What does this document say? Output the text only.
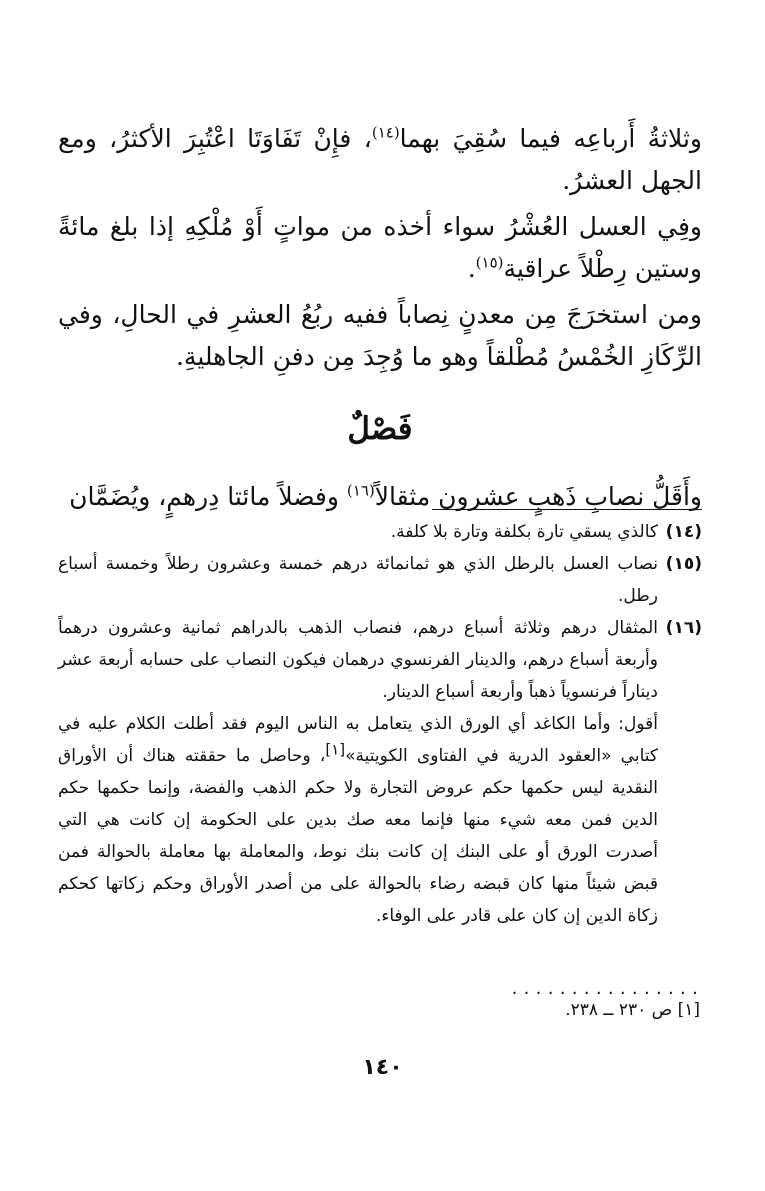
وثلاثةُ أَرباعِه فيما سُقِيَ بهما$^{(١٤)}$، فإِنْ تَفَاوَتَا اعْتُبِرَ الأكثرُ، ومع الجهل العشرُ.

وفِي العسل العُشْرُ سواء أخذه من مواتٍ أَوْ مُلْكِهِ إذا بلغ مائةً وستين رِطْلاً عراقية$^{(١٥)}$.

ومن استخرَجَ مِن معدنٍ نِصاباً ففيه ربُعُ العشرِ في الحالِ، وفي الرِّكَازِ الخُمْسُ مُطْلقاً وهو ما وُجِدَ مِن دفنِ الجاهليةِ.

فَصْلٌ

وأَقَلُّ نصابِ ذَهبٍ عشرون مثقالاً$^{(١٦)}$ وفضلاً مائتا دِرهمٍ، ويُضَمَّان

(١٤)
كالذي يسقي تارة بكلفة وتارة بلا كلفة.
(١٥)
نصاب العسل بالرطل الذي هو ثمانمائة درهم خمسة وعشرون رطلاً وخمسة أسباع رطل.
(١٦)
المثقال درهم وثلاثة أسباع درهم، فنصاب الذهب بالدراهم ثمانية وعشرون درهماً وأربعة أسباع درهم، والدينار الفرنسوي درهمان فيكون النصاب على حسابه أربعة عشر ديناراً فرنسوياً ذهباً وأربعة أسباع الدينار.

أقول: وأما الكاغد أي الورق الذي يتعامل به الناس اليوم فقد أطلت الكلام عليه في كتابي «العقود الدرية في الفتاوى الكويتية»[١]، وحاصل ما حققته هناك أن الأوراق النقدية ليس حكمها حكم عروض التجارة ولا حكم الذهب والفضة، وإنما حكمها حكم الدين فمن معه شيء منها فإنما معه صك بدين على الحكومة إن كانت هي التي أصدرت الورق أو على البنك إن كانت بنك نوط، والمعاملة بها معاملة بالحوالة فمن قبض شيئاً منها كان قبضه رضاء بالحوالة على من أصدر الأوراق وحكم زكاتها كحكم زكاة الدين إن كان على قادر على الوفاء.

................
[١] ص ٢٣٠ ــ ٢٣٨.
١٤٠
